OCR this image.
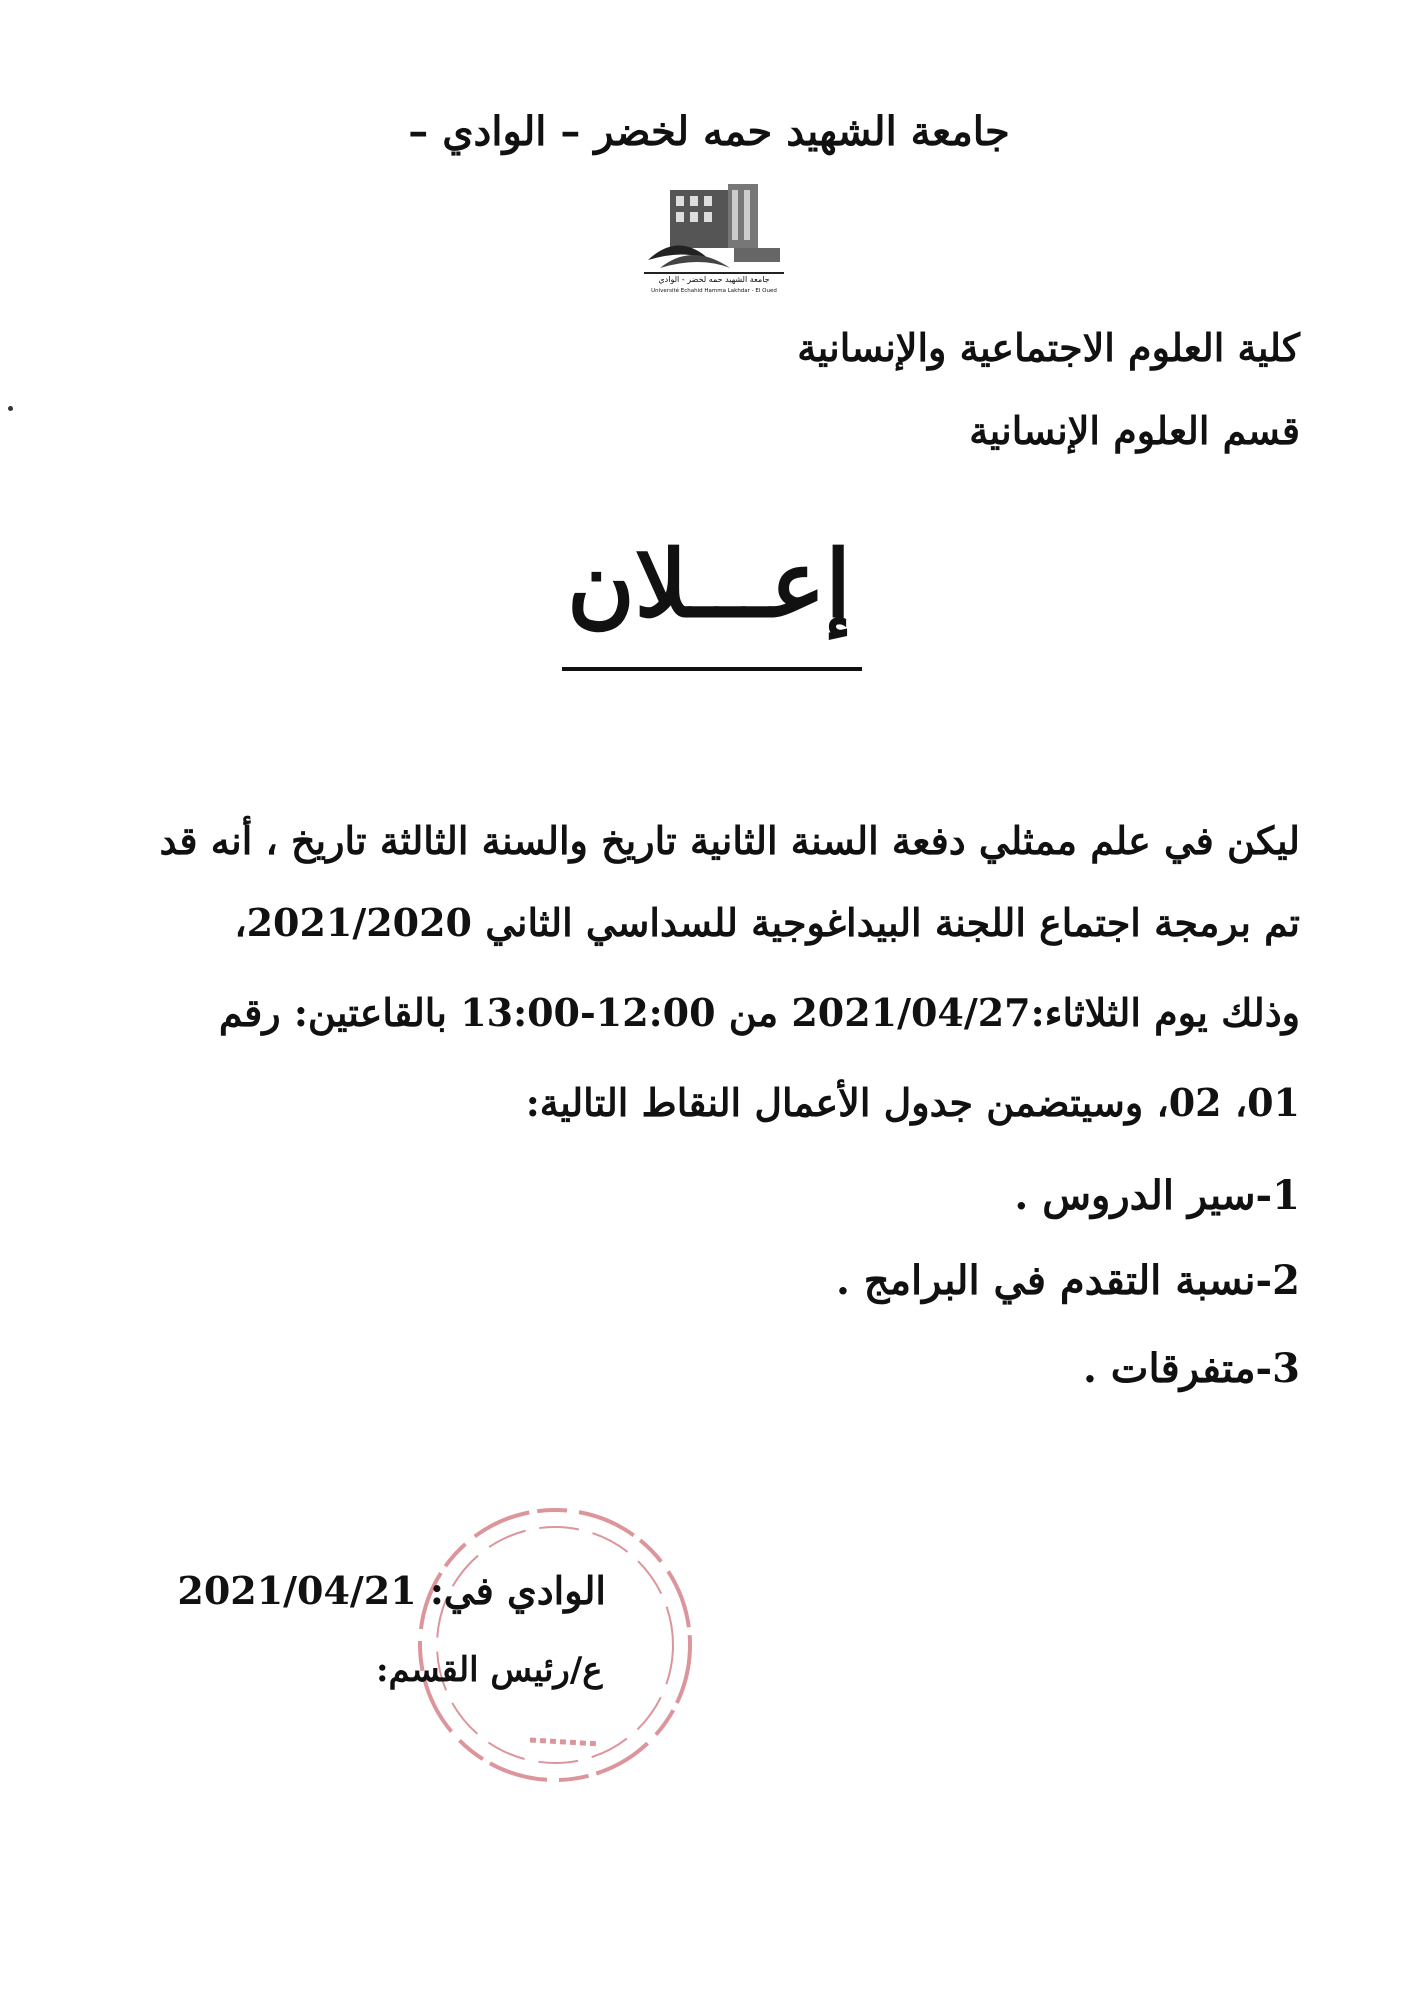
جامعة الشهيد حمه لخضر – الوادي –
جامعة الشهيد حمه لخضر - الوادي
Université Echahid Hamma Lakhdar - El Oued
كلية العلوم الاجتماعية والإنسانية
قسم العلوم الإنسانية
إعـــلان
ليكن في علم ممثلي دفعة السنة الثانية تاريخ والسنة الثالثة تاريخ ، أنه قد
تم برمجة اجتماع اللجنة البيداغوجية للسداسي الثاني 2021/2020،
وذلك يوم الثلاثاء:2021/04/27 من 12:00-13:00 بالقاعتين: رقم
01، 02، وسيتضمن جدول الأعمال النقاط التالية:
1-سير الدروس .
2-نسبة التقدم في البرامج .
3-متفرقات .
الوادي في: 2021/04/21
ع/رئيس القسم:
